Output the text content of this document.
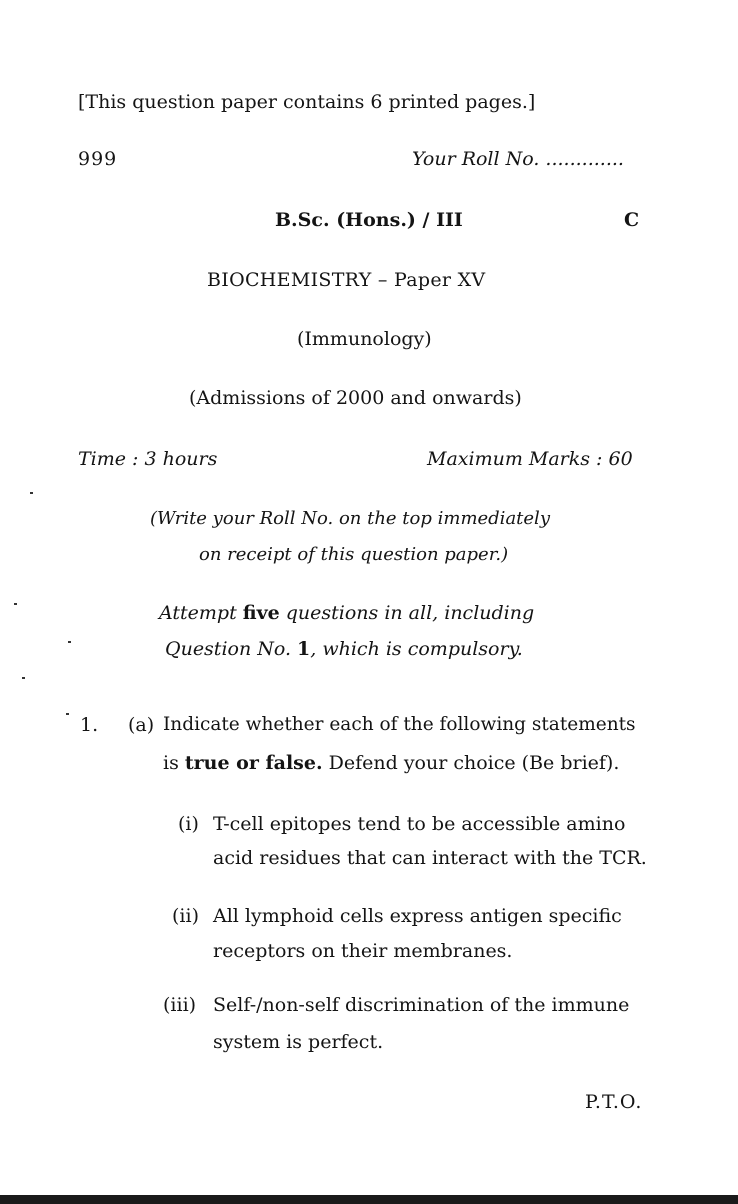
[This question paper contains 6 printed pages.]
999	Your Roll No. .............
B.Sc. (Hons.) / III	C
BIOCHEMISTRY – Paper XV
(Immunology)
(Admissions of 2000 and onwards)
Time : 3 hours	Maximum Marks : 60
(Write your Roll No. on the top immediately
on receipt of this question paper.)
Attempt five questions in all, including
Question No. 1, which is compulsory.
1. (a) Indicate whether each of the following statements
is true or false. Defend your choice (Be brief).
(i) T-cell epitopes tend to be accessible amino
acid residues that can interact with the TCR.
(ii) All lymphoid cells express antigen specific
receptors on their membranes.
(iii) Self-/non-self discrimination of the immune
system is perfect.
P.T.O.
